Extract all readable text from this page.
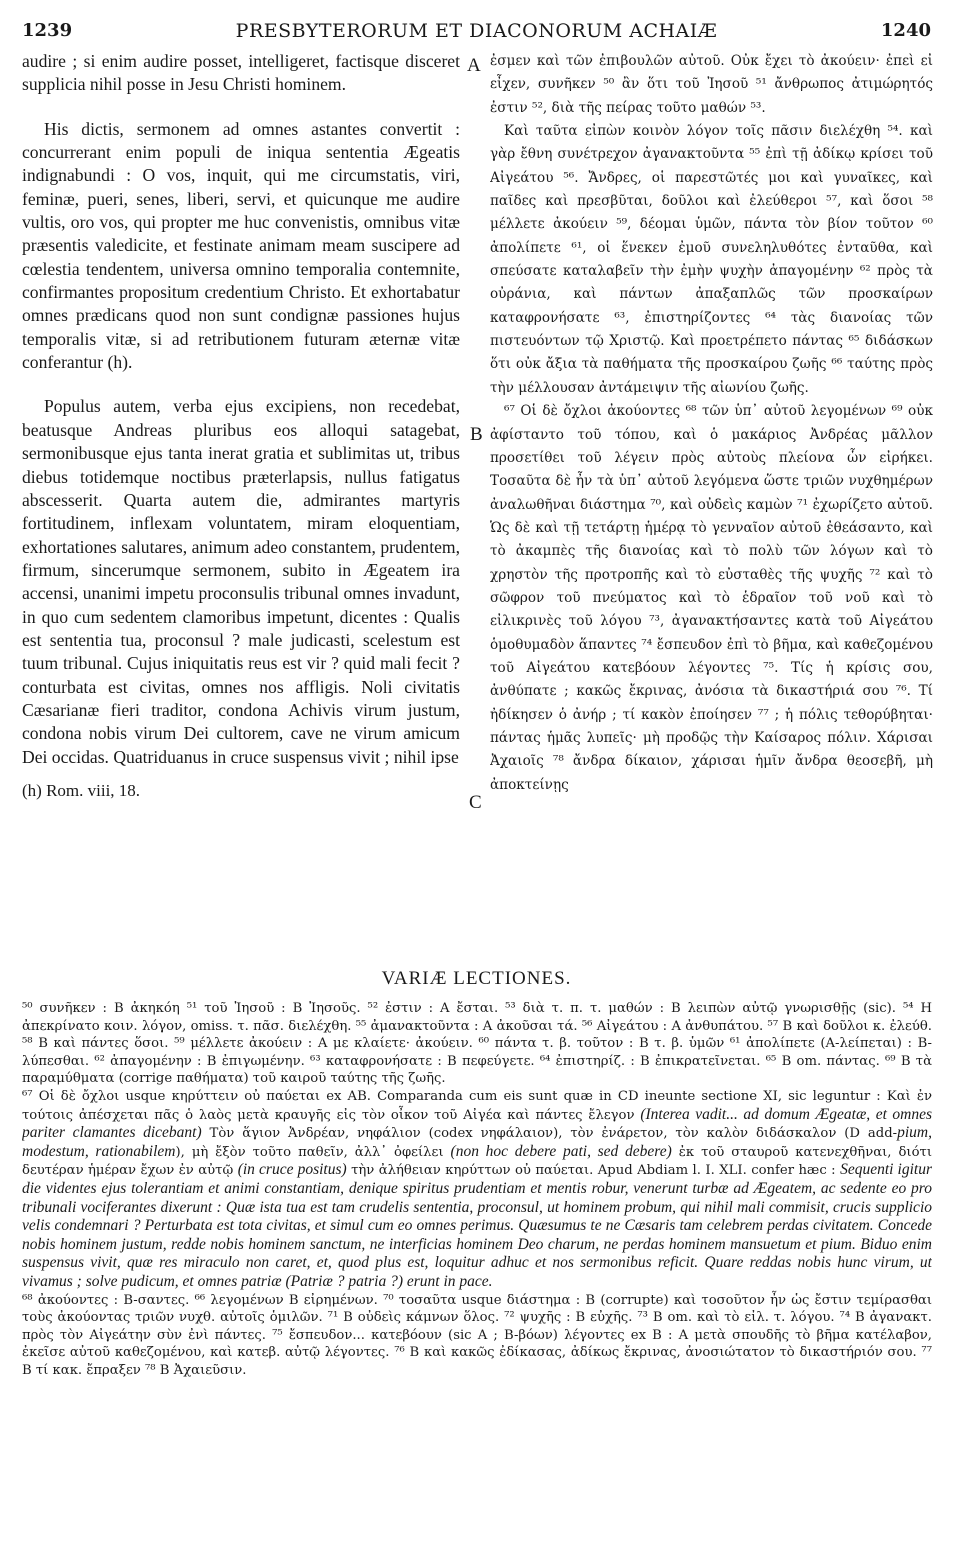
1239	PRESBYTERORUM ET DIACONORUM ACHAIÆ	1240

audire ; si enim audire posset, intelligeret, factisque disceret supplicia nihil posse in Jesu Christi hominem.

His dictis, sermonem ad omnes astantes convertit : concurrerant enim populi de iniqua sententia Ægeatis indignabundi : O vos, inquit, qui me circumstatis, viri, feminæ, pueri, senes, liberi, servi, et quicunque me audire vultis, oro vos, qui propter me huc convenistis, omnibus vitæ præsentis valedicite, et festinate animam meam suscipere ad cœlestia tendentem, universa omnino temporalia contemnite, confirmantes propositum credentium Christo. Et exhortabatur omnes prædicans quod non sunt condignæ passiones hujus temporalis vitæ, si ad retributionem futuram æternæ vitæ conferantur (h).

Populus autem, verba ejus excipiens, non recedebat, beatusque Andreas pluribus eos alloqui satagebat, sermonibusque ejus tanta inerat gratia et sublimitas ut, tribus diebus totidemque noctibus præterlapsis, nullus fatigatus abscesserit. Quarta autem die, admirantes martyris fortitudinem, inflexam voluntatem, miram eloquentiam, exhortationes salutares, animum adeo constantem, prudentem, firmum, sincerumque sermonem, subito in Ægeatem ira accensi, unanimi impetu proconsulis tribunal omnes invadunt, in quo cum sedentem clamoribus impetunt, dicentes : Qualis est sententia tua, proconsul ? male judicasti, scelestum est tuum tribunal. Cujus iniquitatis reus est vir ? quid mali fecit ? conturbata est civitas, omnes nos affligis. Noli civitatis Cæsarianæ fieri traditor, condona Achivis virum justum, condona nobis virum Dei cultorem, cave ne virum amicum Dei occidas. Quatriduanus in cruce suspensus vivit ; nihil ipse

(h) Rom. viii, 18.

A
B
C

ἐσμεν καὶ τῶν ἐπιβουλῶν αὐτοῦ. Οὐκ ἔχει τὸ ἀκούειν· ἐπεὶ εἰ εἶχεν, συνῆκεν ⁵⁰ ἂν ὅτι τοῦ Ἰησοῦ ⁵¹ ἄνθρωπος ἀτιμώρητός ἐστιν ⁵², διὰ τῆς πείρας τοῦτο μαθών ⁵³.

Καὶ ταῦτα εἰπὼν κοινὸν λόγον τοῖς πᾶσιν διελέχθη ⁵⁴. καὶ γὰρ ἔθνη συνέτρεχον ἀγανακτοῦντα ⁵⁵ ἐπὶ τῇ ἀδίκῳ κρίσει τοῦ Αἰγεάτου ⁵⁶. Ἄνδρες, οἱ παρεστῶτές μοι καὶ γυναῖκες, καὶ παῖδες καὶ πρεσβῦται, δοῦλοι καὶ ἐλεύθεροι ⁵⁷, καὶ ὅσοι ⁵⁸ μέλλετε ἀκούειν ⁵⁹, δέομαι ὑμῶν, πάντα τὸν βίον τοῦτον ⁶⁰ ἀπολίπετε ⁶¹, οἱ ἕνεκεν ἐμοῦ συνεληλυθότες ἐνταῦθα, καὶ σπεύσατε καταλαβεῖν τὴν ἐμὴν ψυχὴν ἀπαγομένην ⁶² πρὸς τὰ οὐράνια, καὶ πάντων ἀπαξαπλῶς τῶν προσκαίρων καταφρονήσατε ⁶³, ἐπιστηρίζοντες ⁶⁴ τὰς διανοίας τῶν πιστευόντων τῷ Χριστῷ. Καὶ προετρέπετο πάντας ⁶⁵ διδάσκων ὅτι οὐκ ἄξια τὰ παθήματα τῆς προσκαίρου ζωῆς ⁶⁶ ταύτης πρὸς τὴν μέλλουσαν ἀντάμειψιν τῆς αἰωνίου ζωῆς.

⁶⁷ Οἱ δὲ ὄχλοι ἀκούοντες ⁶⁸ τῶν ὑπ᾽ αὐτοῦ λεγομένων ⁶⁹ οὐκ ἀφίσταντο τοῦ τόπου, καὶ ὁ μακάριος Ἀνδρέας μᾶλλον προσετίθει τοῦ λέγειν πρὸς αὐτοὺς πλείονα ὧν εἰρήκει. Τοσαῦτα δὲ ἦν τὰ ὑπ᾽ αὐτοῦ λεγόμενα ὥστε τριῶν νυχθημέρων ἀναλωθῆναι διάστημα ⁷⁰, καὶ οὐδεὶς καμὼν ⁷¹ ἐχωρίζετο αὐτοῦ. Ὡς δὲ καὶ τῇ τετάρτῃ ἡμέρᾳ τὸ γενναῖον αὐτοῦ ἐθεάσαντο, καὶ τὸ ἀκαμπὲς τῆς διανοίας καὶ τὸ πολὺ τῶν λόγων καὶ τὸ χρηστὸν τῆς προτροπῆς καὶ τὸ εὐσταθὲς τῆς ψυχῆς ⁷² καὶ τὸ σῶφρον τοῦ πνεύματος καὶ τὸ ἑδραῖον τοῦ νοῦ καὶ τὸ εἰλικρινὲς τοῦ λόγου ⁷³, ἀγανακτήσαντες κατὰ τοῦ Αἰγεάτου ὁμοθυμαδὸν ἅπαντες ⁷⁴ ἔσπευδον ἐπὶ τὸ βῆμα, καὶ καθεζομένου τοῦ Αἰγεάτου κατεβόουν λέγοντες ⁷⁵. Τίς ἡ κρίσις σου, ἀνθύπατε ; κακῶς ἔκρινας, ἀνόσια τὰ δικαστήριά σου ⁷⁶. Τί ἠδίκησεν ὁ ἀνήρ ; τί κακὸν ἐποίησεν ⁷⁷ ; ἡ πόλις τεθορύβηται· πάντας ἡμᾶς λυπεῖς· μὴ προδῷς τὴν Καίσαρος πόλιν. Χάρισαι Ἀχαιοῖς ⁷⁸ ἄνδρα δίκαιον, χάρισαι ἡμῖν ἄνδρα θεοσεβῆ, μὴ ἀποκτείνῃς

VARIÆ LECTIONES.

⁵⁰ συνῆκεν : B ἀκηκόη ⁵¹ τοῦ Ἰησοῦ : B Ἰησοῦς. ⁵² ἐστιν : A ἔσται. ⁵³ διὰ τ. π. τ. μαθών : B λειπὼν αὐτῷ γνωρισθῇς (sic). ⁵⁴ H ἀπεκρίνατο κοιν. λόγον, omiss. τ. πᾶσ. διελέχθη. ⁵⁵ ἀμανακτοῦντα : A ἀκοῦσαι τά. ⁵⁶ Αἰγεάτου : A ἀνθυπάτου. ⁵⁷ B καὶ δοῦλοι κ. ἐλεύθ. ⁵⁸ B καὶ πάντες ὅσοι. ⁵⁹ μέλλετε ἀκούειν : A με κλαίετε· ἀκούειν. ⁶⁰ πάντα τ. β. τοῦτον : B τ. β. ὑμῶν ⁶¹ ἀπολίπετε (A-λείπεται) : B-λύπεσθαι. ⁶² ἀπαγομένην : B ἐπιγωμένην. ⁶³ καταφρονήσατε : B πεφεύγετε. ⁶⁴ ἐπιστηρίζ. : B ἐπικρατεῖνεται. ⁶⁵ B om. πάντας. ⁶⁹ B τὰ παραμύθματα (corrige παθήματα) τοῦ καιροῦ ταύτης τῆς ζωῆς.

⁶⁷ Οἱ δὲ ὄχλοι usque κηρύττειν οὐ παύεται ex AB. Comparanda cum eis sunt quæ in CD ineunte sectione XI, sic leguntur : Καὶ ἐν τούτοις ἀπέσχεται πᾶς ὁ λαὸς μετὰ κραυγῆς εἰς τὸν οἶκον τοῦ Αἰγέα καὶ πάντες ἔλεγον (Interea vadit... ad domum Ægeatæ, et omnes pariter clamantes dicebant) Τὸν ἅγιον Ἀνδρέαν, νηφάλιον (codex νηφάλαιον), τὸν ἐνάρετον, τὸν καλὸν διδάσκαλον (D add-pium, modestum, rationabilem), μὴ ἔξὸν τοῦτο παθεῖν, ἀλλ᾽ ὀφείλει (non hoc debere pati, sed debere) ἐκ τοῦ σταυροῦ κατενεχθῆναι, διότι δευτέραν ἡμέραν ἔχων ἐν αὐτῷ (in cruce positus) τὴν ἀλήθειαν κηρύττων οὐ παύεται. Apud Abdiam l. I. XLI. confer hæc : Sequenti igitur die videntes ejus tolerantiam et animi constantiam, denique spiritus prudentiam et mentis robur, venerunt turbæ ad Ægeatem, ac sedente eo pro tribunali vociferantes dixerunt : Quæ ista tua est tam crudelis sententia, proconsul, ut hominem probum, qui nihil mali commisit, crucis supplicio velis condemnari ? Perturbata est tota civitas, et simul cum eo omnes perimus. Quæsumus te ne Cæsaris tam celebrem perdas civitatem. Concede nobis hominem justum, redde nobis hominem sanctum, ne interficias hominem Deo charum, ne perdas hominem mansuetum et pium. Biduo enim suspensus vivit, quæ res miraculo non caret, et, quod plus est, loquitur adhuc et nos sermonibus reficit. Quare reddas nobis hunc virum, ut vivamus ; solve pudicum, et omnes patriæ (Patriæ ? patria ?) erunt in pace.

⁶⁸ ἀκούοντες : B-σαντες. ⁶⁶ λεγομένων B εἰρημένων. ⁷⁰ τοσαῦτα usque διάστημα : B (corrupte) καὶ τοσοῦτον ἦν ὡς ἔστιν τεμίρασθαι τοὺς ἀκούοντας τριῶν νυχθ. αὐτοῖς ὁμιλῶν. ⁷¹ B οὐδεὶς κάμνων ὅλος. ⁷² ψυχῆς : B εὐχῆς. ⁷³ B om. καὶ τὸ εἰλ. τ. λόγου. ⁷⁴ B ἀγανακτ. πρὸς τὸν Αἰγεάτην σὺν ἐνὶ πάντες. ⁷⁵ ἔσπευδον... κατεβόουν (sic A ; B-βόων) λέγοντες ex B : A μετὰ σπουδῆς τὸ βῆμα κατέλαβον, ἐκεῖσε αὐτοῦ καθεζομένου, καὶ κατεβ. αὐτῷ λέγοντες. ⁷⁶ B καὶ κακῶς ἐδίκασας, ἀδίκως ἔκρινας, ἀνοσιώτατον τὸ δικαστήριόν σου. ⁷⁷ B τί κακ. ἔπραξεν ⁷⁸ B Ἀχαιεῦσιν.
